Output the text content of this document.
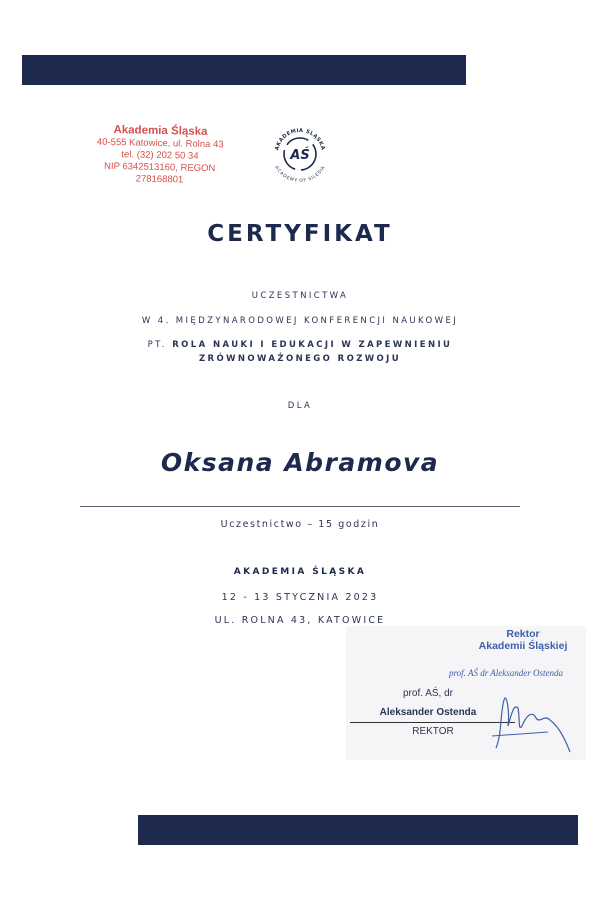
Akademia Śląska
40-555 Katowice, ul. Rolna 43
tel. (32) 202 50 34
NIP 6342513160, REGON 278168801
AKADEMIA ŚLĄSKA
ACADEMY OF SILESIA
AŚ
CERTYFIKAT
UCZESTNICTWA
W 4. MIĘDZYNARODOWEJ KONFERENCJI NAUKOWEJ
PT. ROLA NAUKI I EDUKACJI W ZAPEWNIENIU
ZRÓWNOWAŻONEGO ROZWOJU
DLA
Oksana Abramova
Uczestnictwo – 15 godzin
AKADEMIA ŚLĄSKA
12 - 13 STYCZNIA 2023
UL. ROLNA 43, KATOWICE
Rektor
Akademii Śląskiej
prof. AŚ dr Aleksander Ostenda
prof. AŚ, dr
Aleksander Ostenda
REKTOR
